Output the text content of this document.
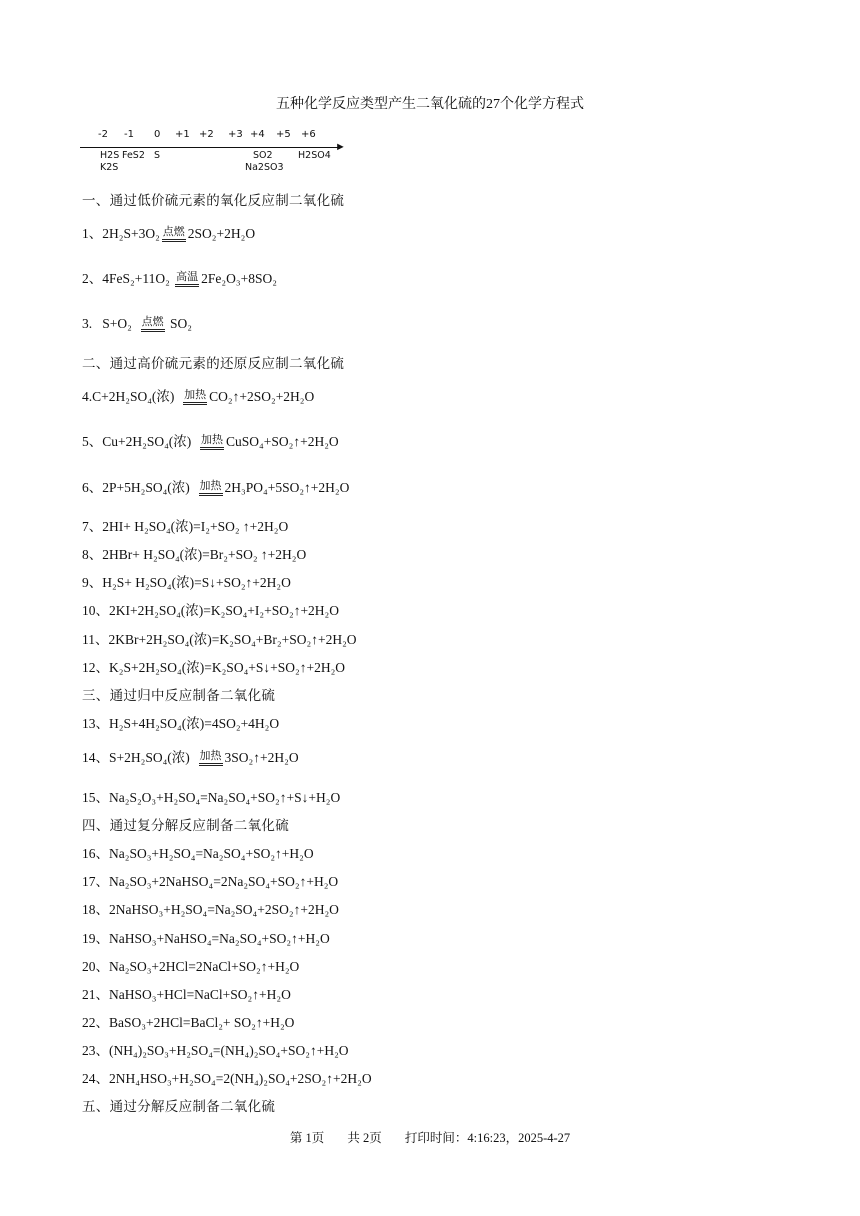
五种化学反应类型产生二氧化硫的27个化学方程式
-2 -1 0 +1 +2 +3 +4 +5 +6
►
H2S
K2S
FeS2 S	SO2
Na2SO3
H2SO4
一、通过低价硫元素的氧化反应制二氧化硫
1、2H₂S+3O₂ 点燃 2SO₂+2H₂O
2、4FeS₂+11O₂ 高温 2Fe₂O₃+8SO₂
3. S+O₂ 点燃 SO₂
二、通过高价硫元素的还原反应制二氧化硫
4.C+2H₂SO₄(浓) 加热 CO₂↑+2SO₂+2H₂O
5、Cu+2H₂SO₄(浓) 加热 CuSO₄+SO₂↑+2H₂O
6、2P+5H₂SO₄(浓) 加热 2H₃PO₄+5SO₂↑+2H₂O
7、2HI+ H₂SO₄(浓)=I₂+SO₂ ↑+2H₂O
8、2HBr+ H₂SO₄(浓)=Br₂+SO₂ ↑+2H₂O
9、H₂S+ H₂SO₄(浓)=S↓+SO₂↑+2H₂O
10、2KI+2H₂SO₄(浓)=K₂SO₄+I₂+SO₂↑+2H₂O
11、2KBr+2H₂SO₄(浓)=K₂SO₄+Br₂+SO₂↑+2H₂O
12、K₂S+2H₂SO₄(浓)=K₂SO₄+S↓+SO₂↑+2H₂O
三、通过归中反应制备二氧化硫
13、H₂S+4H₂SO₄(浓)=4SO₂+4H₂O
14、S+2H₂SO₄(浓) 加热 3SO₂↑+2H₂O
15、Na₂S₂O₃+H₂SO₄=Na₂SO₄+SO₂↑+S↓+H₂O
四、通过复分解反应制备二氧化硫
16、Na₂SO₃+H₂SO₄=Na₂SO₄+SO₂↑+H₂O
17、Na₂SO₃+2NaHSO₄=2Na₂SO₄+SO₂↑+H₂O
18、2NaHSO₃+H₂SO₄=Na₂SO₄+2SO₂↑+2H₂O
19、NaHSO₃+NaHSO₄=Na₂SO₄+SO₂↑+H₂O
20、Na₂SO₃+2HCl=2NaCl+SO₂↑+H₂O
21、NaHSO₃+HCl=NaCl+SO₂↑+H₂O
22、BaSO₃+2HCl=BaCl₂+ SO₂↑+H₂O
23、(NH₄)₂SO₃+H₂SO₄=(NH₄)₂SO₄+SO₂↑+H₂O
24、2NH₄HSO₃+H₂SO₄=2(NH₄)₂SO₄+2SO₂↑+2H₂O
五、通过分解反应制备二氧化硫
第 1页 共 2页 打印时间：4:16:23，2025-4-27
